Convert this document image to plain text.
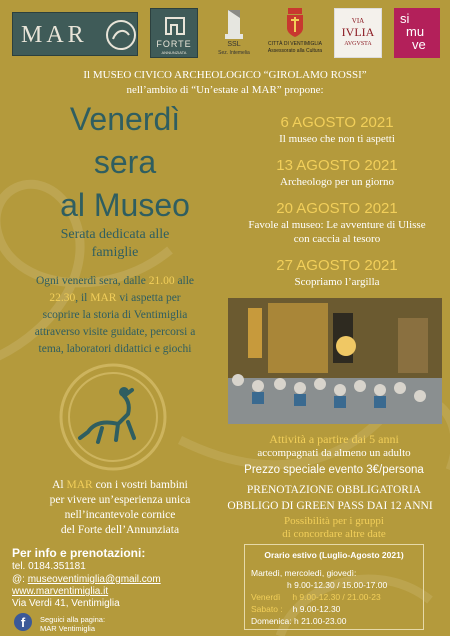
MAR	FORTE
ANNUNZIATA
SSL
Sez. Intemelia
CITTÀ DI VENTIMIGLIA
Assessorato alla Cultura
VIA
IVLIA
AVGVSTA
si
mu
ve
Il MUSEO CIVICO ARCHEOLOGICO “GIROLAMO ROSSI”
nell’ambito di “Un’estate al MAR” propone:
Venerdì
sera
al Museo
Serata dedicata alle
famiglie
Ogni venerdì sera, dalle 21.00 alle
22.30, il MAR vi aspetta per
scoprire la storia di Ventimiglia
attraverso visite guidate, percorsi a
tema, laboratori didattici e giochi
6 AGOSTO 2021
Il museo che non ti aspetti
13 AGOSTO 2021
Archeologo per un giorno
20 AGOSTO 2021
Favole al museo: Le avventure di Ulisse
con caccia al tesoro
27 AGOSTO 2021
Scopriamo l’argilla
Al MAR con i vostri bambini
per vivere un’esperienza unica
nell’incantevole cornice
del Forte dell’Annunziata
Attività a partire dai 5 anni
accompagnati da almeno un adulto
Prezzo speciale evento 3€/persona
PRENOTAZIONE OBBLIGATORIA
OBBLIGO DI GREEN PASS DAI 12 ANNI
Possibilità per i gruppi
di concordare altre date
Per info e prenotazioni:
tel. 0184.351181
@: museoventimiglia@gmail.com
www.marventimiglia.it
Via Verdi 41, Ventimiglia
f	Seguici alla pagina:
MAR Ventimiglia
Orario estivo (Luglio-Agosto 2021)
Martedì, mercoledì, giovedì:
h 9.00-12.30 / 15.00-17.00
Venerdì h 9.00-12.30 / 21.00-23
Sabato : h 9.00-12.30
Domenica: h 21.00-23.00
